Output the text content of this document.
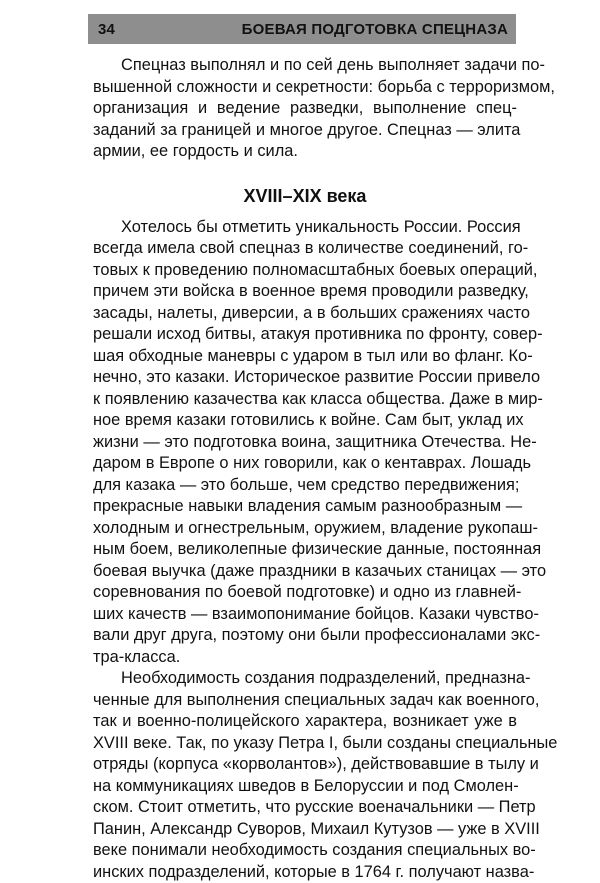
34	БОЕВАЯ ПОДГОТОВКА СПЕЦНАЗА
Спецназ выполнял и по сей день выполняет задачи по-
вышенной сложности и секретности: борьба с терроризмом,
организация и ведение разведки, выполнение спец-
заданий за границей и многое другое. Спецназ — элита
армии, ее гордость и сила.
XVIII–XIX века
Хотелось бы отметить уникальность России. Россия
всегда имела свой спецназ в количестве соединений, го-
товых к проведению полномасштабных боевых операций,
причем эти войска в военное время проводили разведку,
засады, налеты, диверсии, а в больших сражениях часто
решали исход битвы, атакуя противника по фронту, совер-
шая обходные маневры с ударом в тыл или во фланг. Ко-
нечно, это казаки. Историческое развитие России привело
к появлению казачества как класса общества. Даже в мир-
ное время казаки готовились к войне. Сам быт, уклад их
жизни — это подготовка воина, защитника Отечества. Не-
даром в Европе о них говорили, как о кентаврах. Лошадь
для казака — это больше, чем средство передвижения;
прекрасные навыки владения самым разнообразным —
холодным и огнестрельным, оружием, владение рукопаш-
ным боем, великолепные физические данные, постоянная
боевая выучка (даже праздники в казачьих станицах — это
соревнования по боевой подготовке) и одно из главней-
ших качеств — взаимопонимание бойцов. Казаки чувство-
вали друг друга, поэтому они были профессионалами экс-
тра-класса.
Необходимость создания подразделений, предназна-
ченные для выполнения специальных задач как военного,
так и военно-полицейского характера, возникает уже в
XVIII веке. Так, по указу Петра I, были созданы специальные
отряды (корпуса «корволантов»), действовавшие в тылу и
на коммуникациях шведов в Белоруссии и под Смолен-
ском. Стоит отметить, что русские военачальники — Петр
Панин, Александр Суворов, Михаил Кутузов — уже в XVIII
веке понимали необходимость создания специальных во-
инских подразделений, которые в 1764 г. получают назва-
